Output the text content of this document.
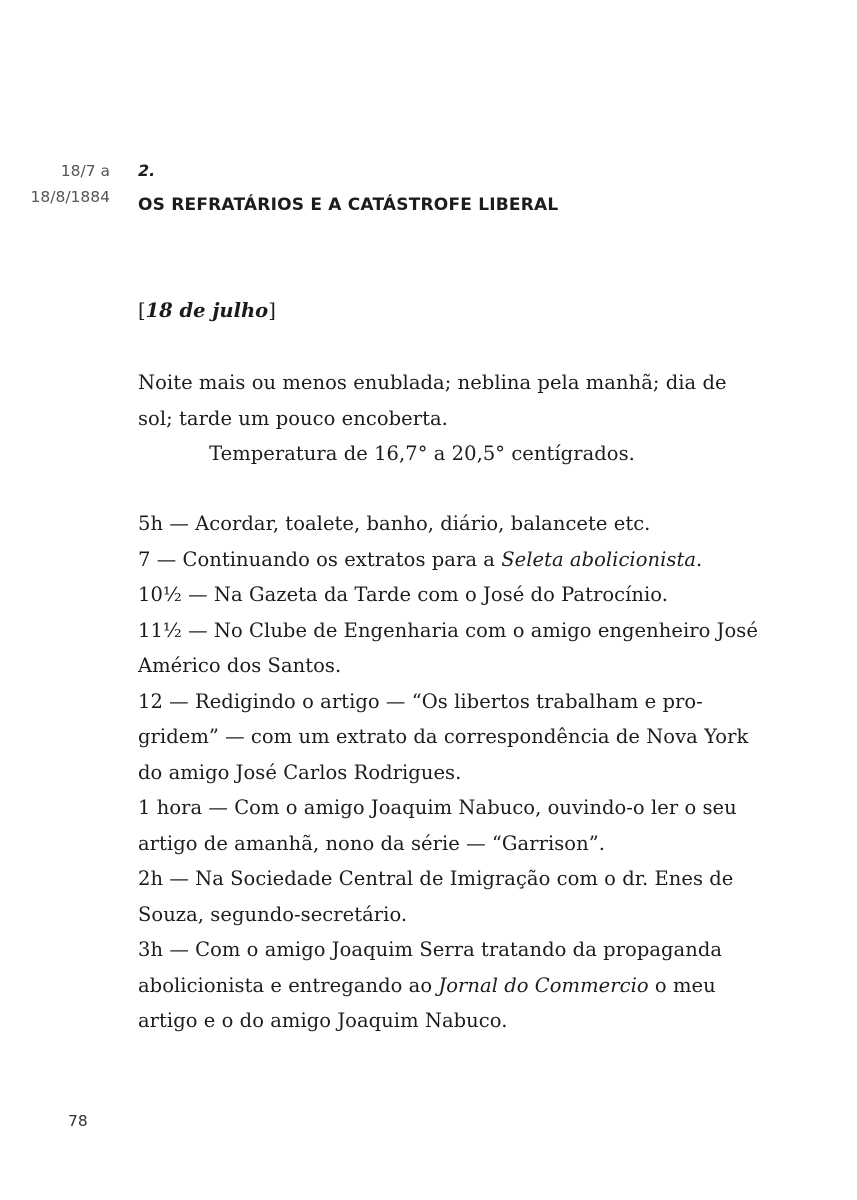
18/7 a
18/8/1884
2.
OS REFRATÁRIOS E A CATÁSTROFE LIBERAL
[18 de julho]
Noite mais ou menos enublada; neblina pela manhã; dia de
sol; tarde um pouco encoberta.
Temperatura de 16,7° a 20,5° centígrados.
5h — Acordar, toalete, banho, diário, balancete etc.
7 — Continuando os extratos para a Seleta abolicionista.
10½ — Na Gazeta da Tarde com o José do Patrocínio.
11½ — No Clube de Engenharia com o amigo engenheiro José
Américo dos Santos.
12 — Redigindo o artigo — “Os libertos trabalham e pro-
gridem” — com um extrato da correspondência de Nova York
do amigo José Carlos Rodrigues.
1 hora — Com o amigo Joaquim Nabuco, ouvindo-o ler o seu
artigo de amanhã, nono da série — “Garrison”.
2h — Na Sociedade Central de Imigração com o dr. Enes de
Souza, segundo-secretário.
3h — Com o amigo Joaquim Serra tratando da propaganda
abolicionista e entregando ao Jornal do Commercio o meu
artigo e o do amigo Joaquim Nabuco.
78
